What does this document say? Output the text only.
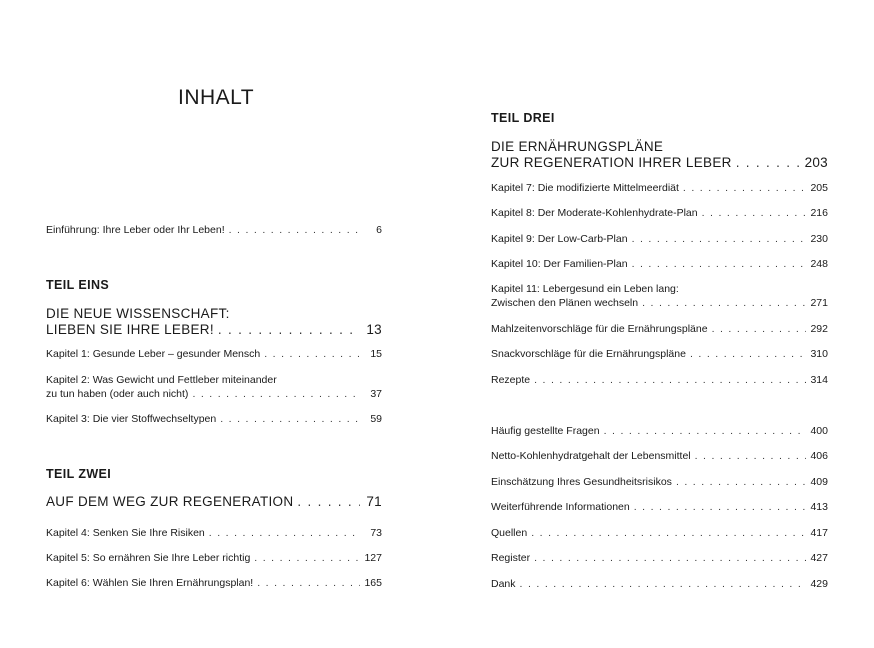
INHALT
Einführung: Ihre Leber oder Ihr Leben! . . .	6
TEIL EINS
DIE NEUE WISSENSCHAFT:
LIEBEN SIE IHRE LEBER! . . .	13
Kapitel 1: Gesunde Leber – gesunder Mensch . . .	15
Kapitel 2: Was Gewicht und Fettleber miteinander
zu tun haben (oder auch nicht) . . .	37
Kapitel 3: Die vier Stoffwechseltypen . . .	59
TEIL ZWEI
AUF DEM WEG ZUR REGENERATION . . .	71
Kapitel 4: Senken Sie Ihre Risiken . . .	73
Kapitel 5: So ernähren Sie Ihre Leber richtig . . .	127
Kapitel 6: Wählen Sie Ihren Ernährungsplan! . . .	165
TEIL DREI
DIE ERNÄHRUNGSPLÄNE
ZUR REGENERATION IHRER LEBER . . .	203
Kapitel 7: Die modifizierte Mittelmeerdiät . . .	205
Kapitel 8: Der Moderate-Kohlenhydrate-Plan . . .	216
Kapitel 9: Der Low-Carb-Plan . . .	230
Kapitel 10: Der Familien-Plan . . .	248
Kapitel 11: Lebergesund ein Leben lang:
Zwischen den Plänen wechseln . . .	271
Mahlzeitenvorschläge für die Ernährungspläne . . .	292
Snackvorschläge für die Ernährungspläne . . .	310
Rezepte . . .	314
Häufig gestellte Fragen . . .	400
Netto-Kohlenhydratgehalt der Lebensmittel . . .	406
Einschätzung Ihres Gesundheitsrisikos . . .	409
Weiterführende Informationen . . .	413
Quellen . . .	417
Register . . .	427
Dank . . .	429
